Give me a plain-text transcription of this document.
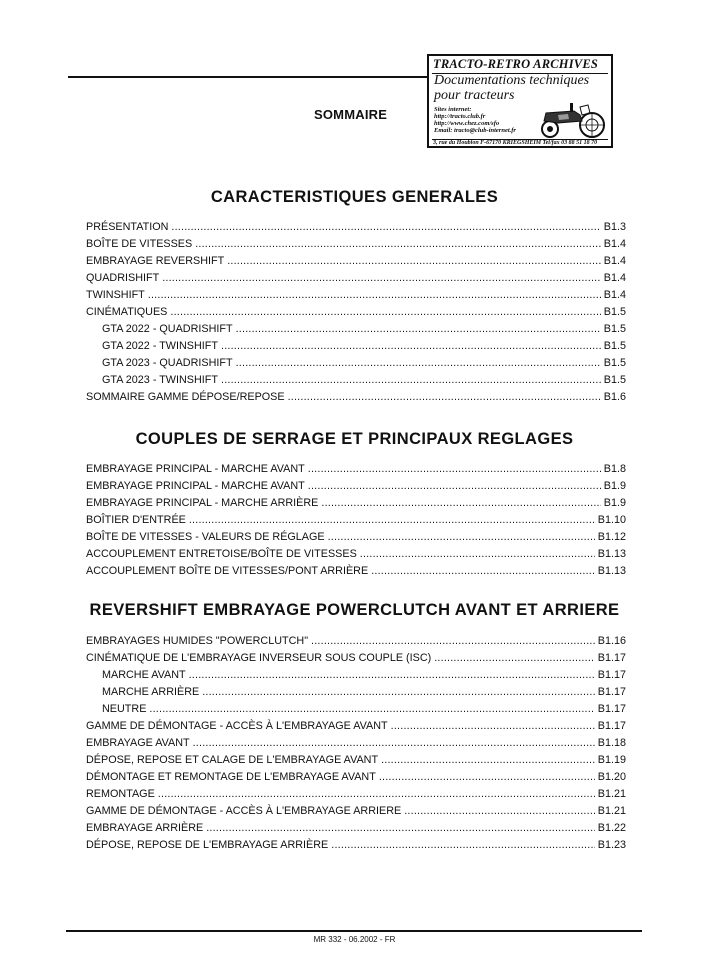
SOMMAIRE
TRACTO-RETRO ARCHIVES
Documentations techniques
pour tracteurs
Sites internet:
http://tracto.club.fr
http://www.chez.com/sfo
Email: tracto@club-internet.fr
3, rue du Houblon F-67170 KRIEGSHEIM Tel/fax 03 88 51 18 70
CARACTERISTIQUES GENERALES
PRÉSENTATION .....	B1.3
BOÎTE DE VITESSES .....	B1.4
EMBRAYAGE REVERSHIFT .....	B1.4
QUADRISHIFT .....	B1.4
TWINSHIFT .....	B1.4
CINÉMATIQUES .....	B1.5
GTA 2022 - QUADRISHIFT .....	B1.5
GTA 2022 - TWINSHIFT .....	B1.5
GTA 2023 - QUADRISHIFT .....	B1.5
GTA 2023 - TWINSHIFT .....	B1.5
SOMMAIRE GAMME DÉPOSE/REPOSE .....	B1.6
COUPLES DE SERRAGE ET PRINCIPAUX REGLAGES
EMBRAYAGE PRINCIPAL - MARCHE AVANT .....	B1.8
EMBRAYAGE PRINCIPAL - MARCHE AVANT .....	B1.9
EMBRAYAGE PRINCIPAL - MARCHE ARRIÈRE .....	B1.9
BOÎTIER D'ENTRÉE .....	B1.10
BOÎTE DE VITESSES - VALEURS DE RÉGLAGE .....	B1.12
ACCOUPLEMENT ENTRETOISE/BOÎTE DE VITESSES .....	B1.13
ACCOUPLEMENT BOÎTE DE VITESSES/PONT ARRIÈRE .....	B1.13
REVERSHIFT EMBRAYAGE POWERCLUTCH AVANT ET ARRIERE
EMBRAYAGES HUMIDES "POWERCLUTCH" .....	B1.16
CINÉMATIQUE DE L'EMBRAYAGE INVERSEUR SOUS COUPLE (ISC) .....	B1.17
MARCHE AVANT .....	B1.17
MARCHE ARRIÈRE .....	B1.17
NEUTRE .....	B1.17
GAMME DE DÉMONTAGE - ACCÈS À L'EMBRAYAGE AVANT .....	B1.17
EMBRAYAGE AVANT .....	B1.18
DÉPOSE, REPOSE ET CALAGE DE L'EMBRAYAGE AVANT .....	B1.19
DÉMONTAGE ET REMONTAGE DE L'EMBRAYAGE AVANT .....	B1.20
REMONTAGE .....	B1.21
GAMME DE DÉMONTAGE - ACCÈS À L'EMBRAYAGE ARRIERE .....	B1.21
EMBRAYAGE ARRIÈRE .....	B1.22
DÉPOSE, REPOSE DE L'EMBRAYAGE ARRIÈRE .....	B1.23
MR 332 - 06.2002 - FR
